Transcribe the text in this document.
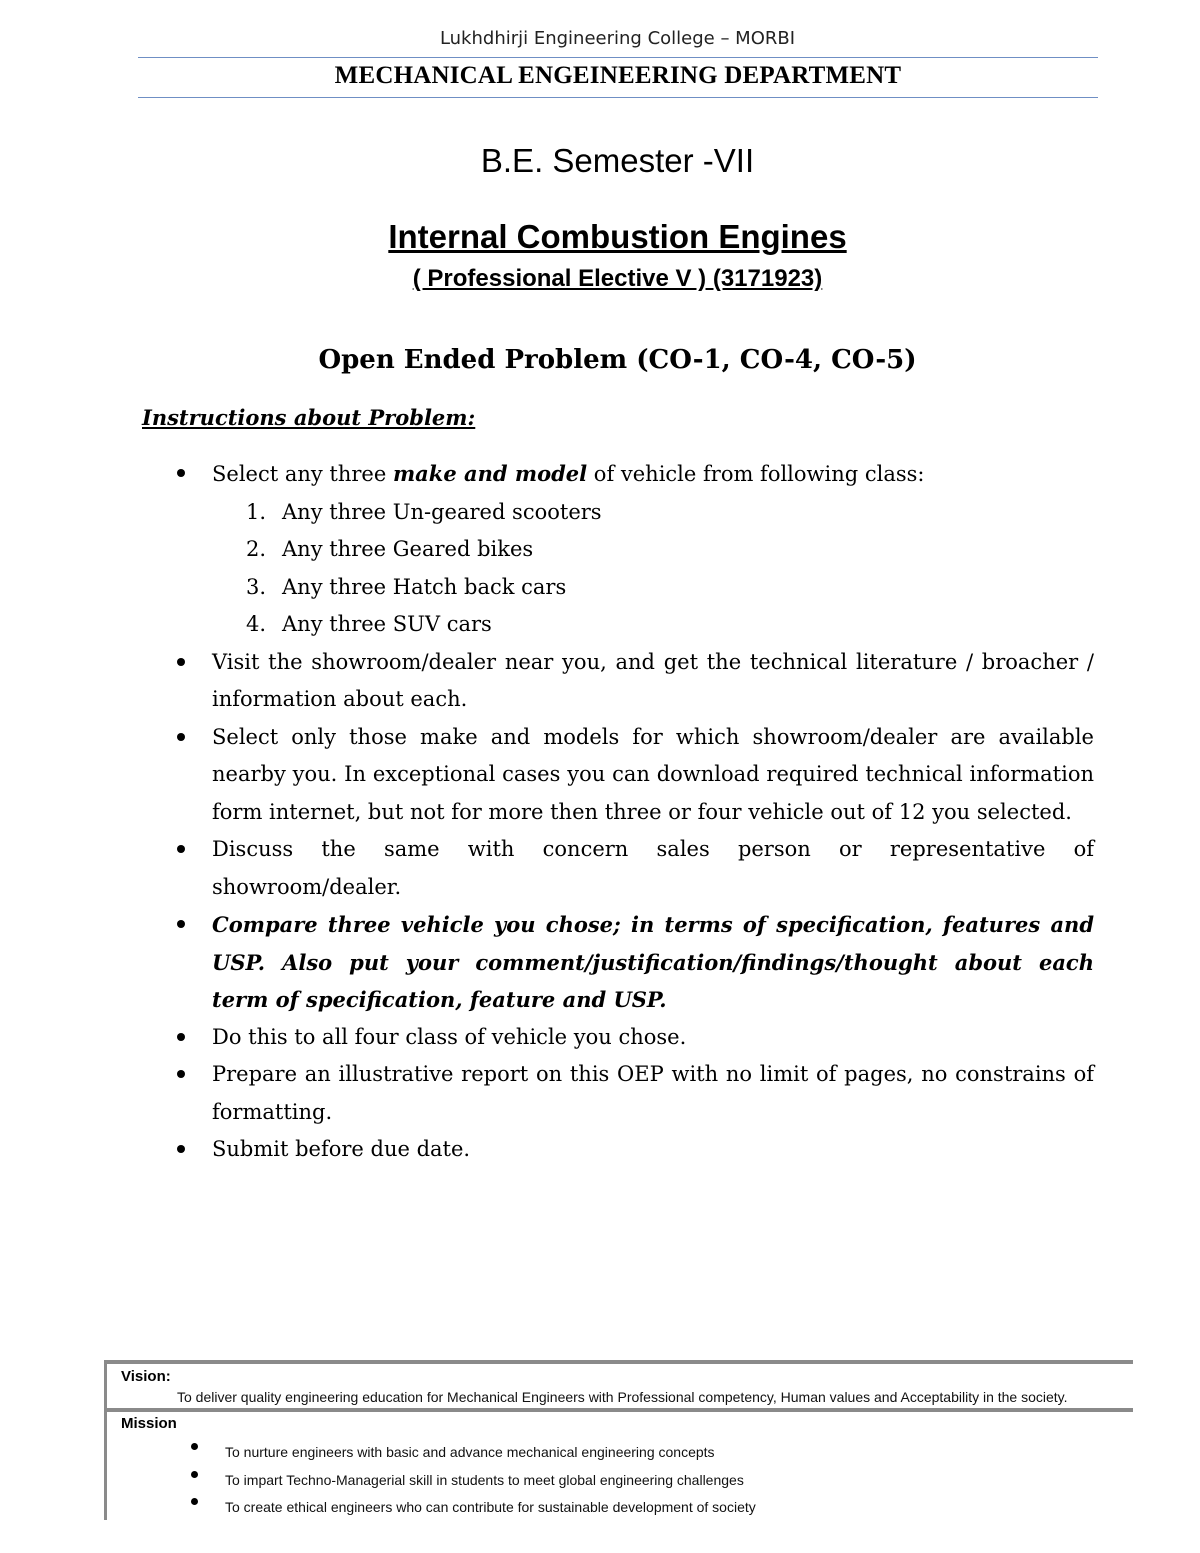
Lukhdhirji Engineering College – MORBI
MECHANICAL ENGEINEERING DEPARTMENT
B.E. Semester -VII
Internal Combustion Engines
( Professional Elective V ) (3171923)
Open Ended Problem (CO-1, CO-4, CO-5)
Instructions about Problem:
Select any three make and model of vehicle from following class:
1. Any three Un-geared scooters
2. Any three Geared bikes
3. Any three Hatch back cars
4. Any three SUV cars
Visit the showroom/dealer near you, and get the technical literature / broacher / information about each.
Select only those make and models for which showroom/dealer are available nearby you. In exceptional cases you can download required technical information form internet, but not for more then three or four vehicle out of 12 you selected.
Discuss the same with concern sales person or representative of showroom/dealer.
Compare three vehicle you chose; in terms of specification, features and USP. Also put your comment/justification/findings/thought about each term of specification, feature and USP.
Do this to all four class of vehicle you chose.
Prepare an illustrative report on this OEP with no limit of pages, no constrains of formatting.
Submit before due date.
Vision:
To deliver quality engineering education for Mechanical Engineers with Professional competency, Human values and Acceptability in the society.
Mission
To nurture engineers with basic and advance mechanical engineering concepts
To impart Techno-Managerial skill in students to meet global engineering challenges
To create ethical engineers who can contribute for sustainable development of society
